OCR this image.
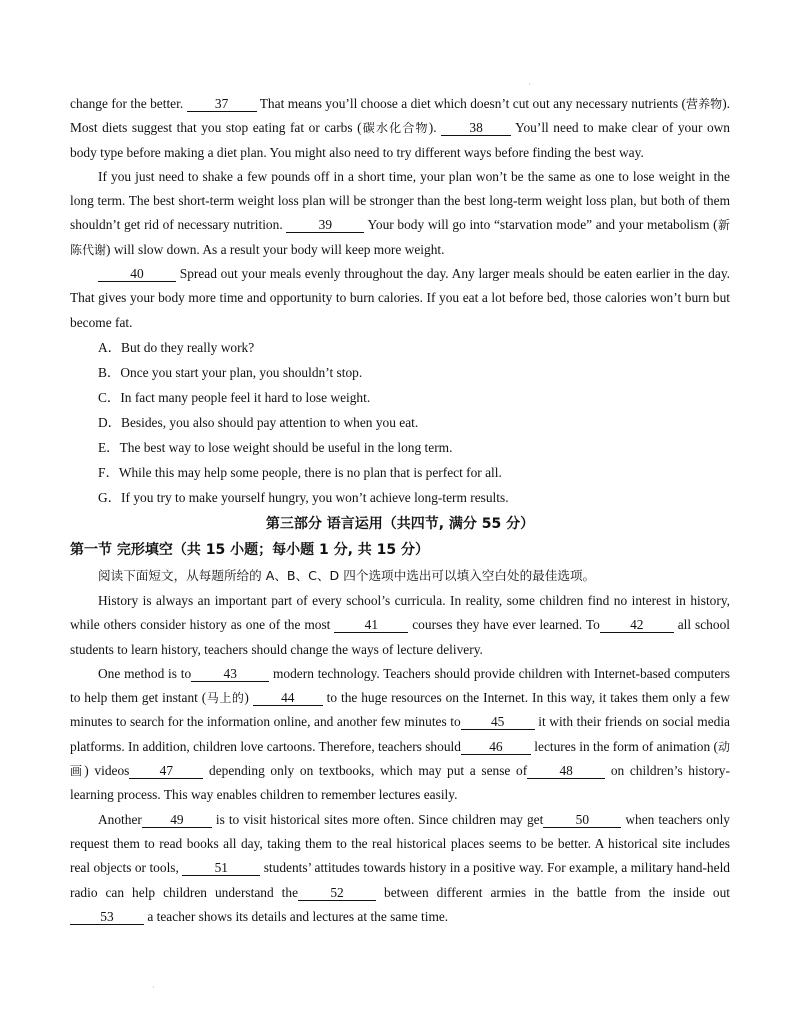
·

change for the better. 37 That means you’ll choose a diet which doesn’t cut out any necessary nutrients (营养物). Most diets suggest that you stop eating fat or carbs (碳水化合物). 38 You’ll need to make clear of your own body type before making a diet plan. You might also need to try different ways before finding the best way.

If you just need to shake a few pounds off in a short time, your plan won’t be the same as one to lose weight in the long term. The best short-term weight loss plan will be stronger than the best long-term weight loss plan, but both of them shouldn’t get rid of necessary nutrition. 39 Your body will go into “starvation mode” and your metabolism (新陈代谢) will slow down. As a result your body will keep more weight.

40 Spread out your meals evenly throughout the day. Any larger meals should be eaten earlier in the day. That gives your body more time and opportunity to burn calories. If you eat a lot before bed, those calories won’t burn but become fat.

A．But do they really work?

B．Once you start your plan, you shouldn’t stop.

C．In fact many people feel it hard to lose weight.

D．Besides, you also should pay attention to when you eat.

E．The best way to lose weight should be useful in the long term.

F．While this may help some people, there is no plan that is perfect for all.

G．If you try to make yourself hungry, you won’t achieve long-term results.

第三部分 语言运用（共四节, 满分 55 分）

第一节 完形填空（共 15 小题；每小题 1 分, 共 15 分）

阅读下面短文，从每题所给的 A、B、C、D 四个选项中选出可以填入空白处的最佳选项。

History is always an important part of every school’s curricula. In reality, some children find no interest in history, while others consider history as one of the most 41 courses they have ever learned. To 42 all school students to learn history, teachers should change the ways of lecture delivery.

One method is to 43 modern technology. Teachers should provide children with Internet-based computers to help them get instant (马上的) 44 to the huge resources on the Internet. In this way, it takes them only a few minutes to search for the information online, and another few minutes to 45 it with their friends on social media platforms. In addition, children love cartoons. Therefore, teachers should 46 lectures in the form of animation (动画) videos 47 depending only on textbooks, which may put a sense of 48 on children’s history-learning process. This way enables children to remember lectures easily.

Another 49 is to visit historical sites more often. Since children may get 50 when teachers only request them to read books all day, taking them to the real historical places seems to be better. A historical site includes real objects or tools, 51 students’ attitudes towards history in a positive way. For example, a military hand-held radio can help children understand the 52 between different armies in the battle from the inside out53 a teacher shows its details and lectures at the same time.

·
